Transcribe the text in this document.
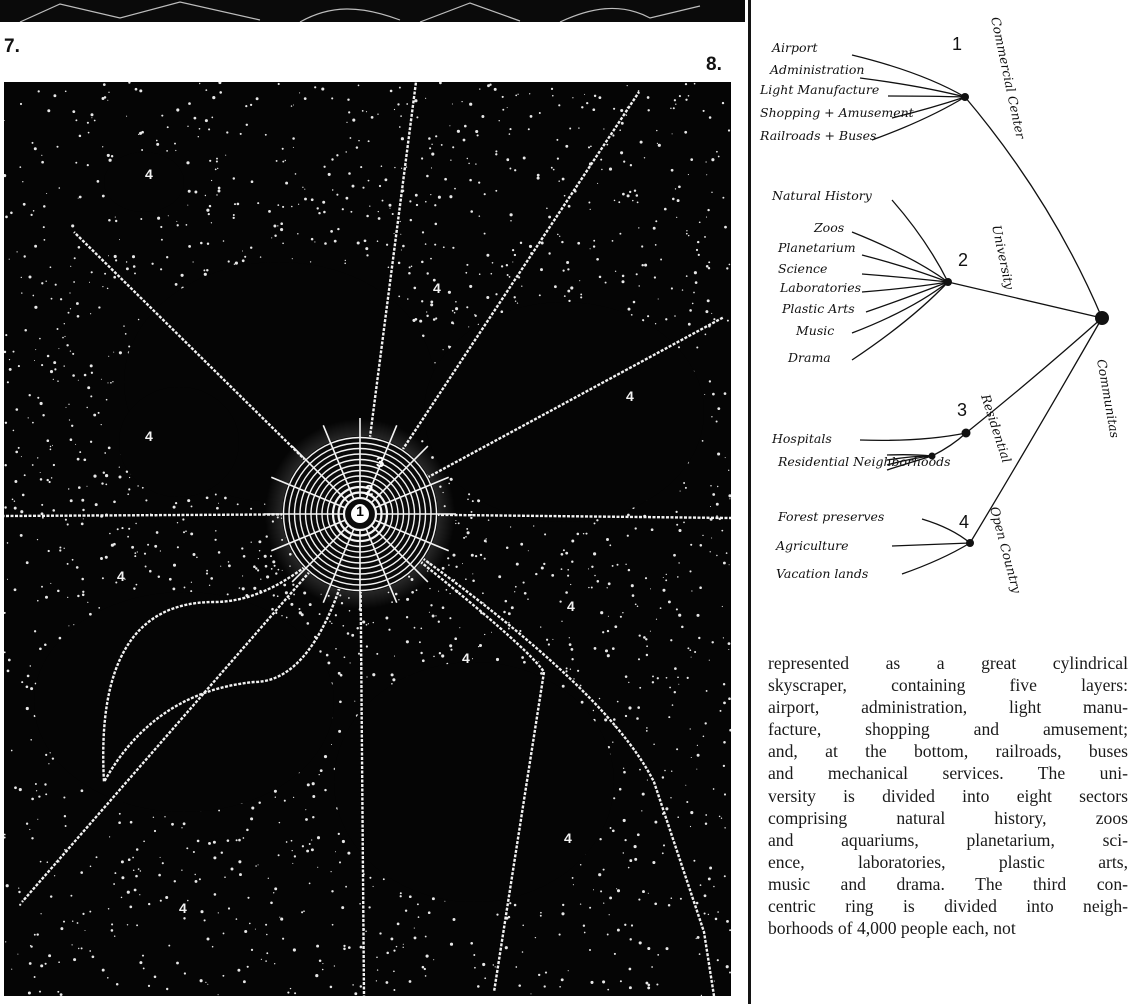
7.
8.
4
4
4
4
4
4
4
4
4
3
2
1
Airport
Administration
Light Manufacture
Shopping + Amusement
Railroads + Buses
Natural History
Zoos
Planetarium
Science
Laboratories
Plastic Arts
Music
Drama
Hospitals
Residential Neighborhoods
Forest preserves
Agriculture
Vacation lands
1
2
3
4
Commercial Center
University
Residential
Open Country
Communitas

represented as a great cylindrical
skyscraper, containing five layers:
airport, administration, light manu-
facture, shopping and amusement;
and, at the bottom, railroads, buses
and mechanical services. The uni-
versity is divided into eight sectors
comprising natural history, zoos
and aquariums, planetarium, sci-
ence, laboratories, plastic arts,
music and drama. The third con-
centric ring is divided into neigh-
borhoods of 4,000 people each, not
